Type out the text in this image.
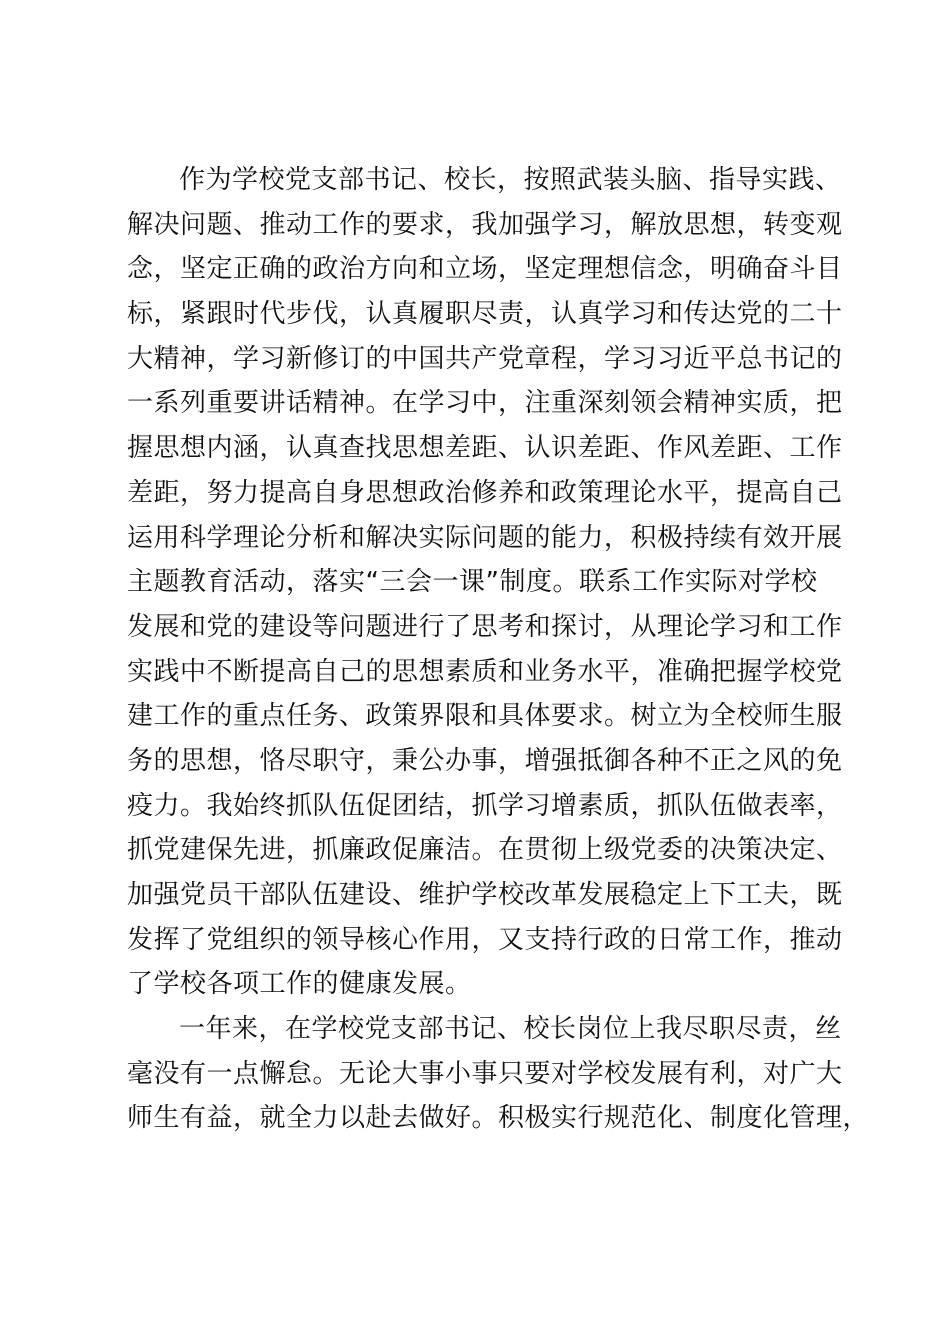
作为学校党支部书记、校长，按照武装头脑、指导实践、
解决问题、推动工作的要求，我加强学习，解放思想，转变观
念，坚定正确的政治方向和立场，坚定理想信念，明确奋斗目
标，紧跟时代步伐，认真履职尽责，认真学习和传达党的二十
大精神，学习新修订的中国共产党章程，学习习近平总书记的
一系列重要讲话精神。在学习中，注重深刻领会精神实质，把
握思想内涵，认真查找思想差距、认识差距、作风差距、工作
差距，努力提高自身思想政治修养和政策理论水平，提高自己
运用科学理论分析和解决实际问题的能力，积极持续有效开展
主题教育活动，落实“三会一课”制度。联系工作实际对学校
发展和党的建设等问题进行了思考和探讨，从理论学习和工作
实践中不断提高自己的思想素质和业务水平，准确把握学校党
建工作的重点任务、政策界限和具体要求。树立为全校师生服
务的思想，恪尽职守，秉公办事，增强抵御各种不正之风的免
疫力。我始终抓队伍促团结，抓学习增素质，抓队伍做表率，
抓党建保先进，抓廉政促廉洁。在贯彻上级党委的决策决定、
加强党员干部队伍建设、维护学校改革发展稳定上下工夫，既
发挥了党组织的领导核心作用，又支持行政的日常工作，推动
了学校各项工作的健康发展。
一年来，在学校党支部书记、校长岗位上我尽职尽责，丝
毫没有一点懈怠。无论大事小事只要对学校发展有利，对广大
师生有益，就全力以赴去做好。积极实行规范化、制度化管理，
